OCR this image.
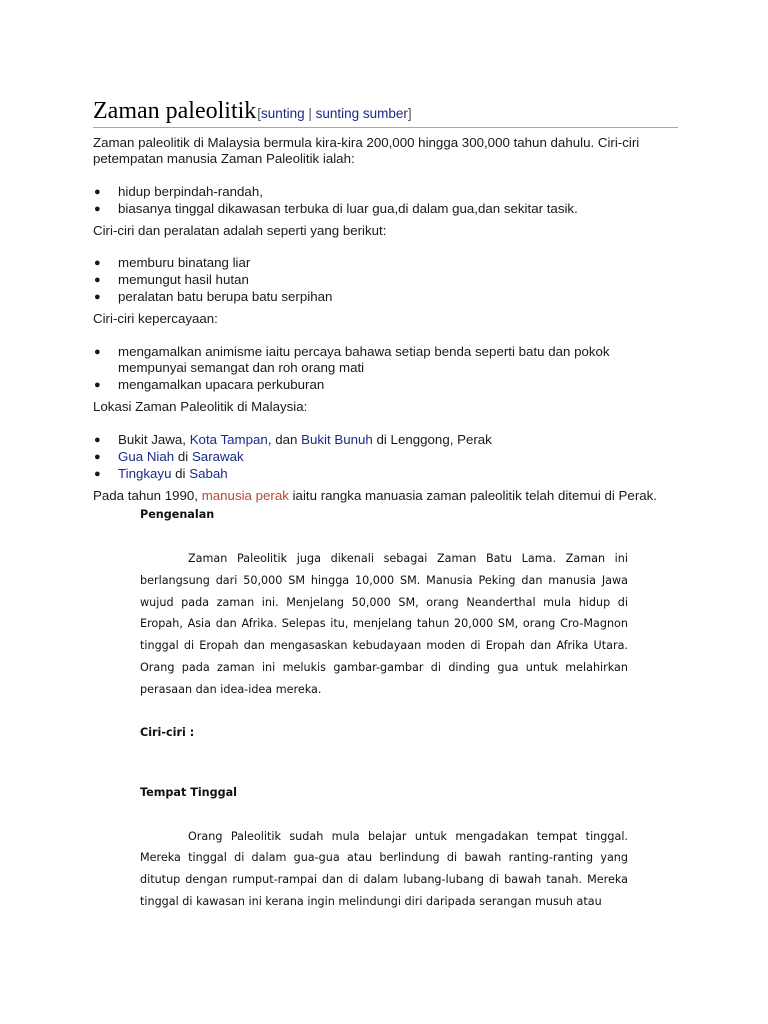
Zaman paleolitik [sunting | sunting sumber]

Zaman paleolitik di Malaysia bermula kira-kira 200,000 hingga 300,000 tahun dahulu. Ciri-ciri petempatan manusia Zaman Paleolitik ialah:

● hidup berpindah-randah,
● biasanya tinggal dikawasan terbuka di luar gua,di dalam gua,dan sekitar tasik.

Ciri-ciri dan peralatan adalah seperti yang berikut:

● memburu binatang liar
● memungut hasil hutan
● peralatan batu berupa batu serpihan

Ciri-ciri kepercayaan:

● mengamalkan animisme iaitu percaya bahawa setiap benda seperti batu dan pokok mempunyai semangat dan roh orang mati
● mengamalkan upacara perkuburan

Lokasi Zaman Paleolitik di Malaysia:

● Bukit Jawa, Kota Tampan, dan Bukit Bunuh di Lenggong, Perak
● Gua Niah di Sarawak
● Tingkayu di Sabah

Pada tahun 1990, manusia perak iaitu rangka manuasia zaman paleolitik telah ditemui di Perak.

Pengenalan

Zaman Paleolitik juga dikenali sebagai Zaman Batu Lama. Zaman ini berlangsung dari 50,000 SM hingga 10,000 SM. Manusia Peking dan manusia Jawa wujud pada zaman ini. Menjelang 50,000 SM, orang Neanderthal mula hidup di Eropah, Asia dan Afrika. Selepas itu, menjelang tahun 20,000 SM, orang Cro-Magnon tinggal di Eropah dan mengasaskan kebudayaan moden di Eropah dan Afrika Utara. Orang pada zaman ini melukis gambar-gambar di dinding gua untuk melahirkan perasaan dan idea-idea mereka.

Ciri-ciri :

Tempat Tinggal

Orang Paleolitik sudah mula belajar untuk mengadakan tempat tinggal. Mereka tinggal di dalam gua-gua atau berlindung di bawah ranting-ranting yang ditutup dengan rumput-rampai dan di dalam lubang-lubang di bawah tanah. Mereka tinggal di kawasan ini kerana ingin melindungi diri daripada serangan musuh atau
